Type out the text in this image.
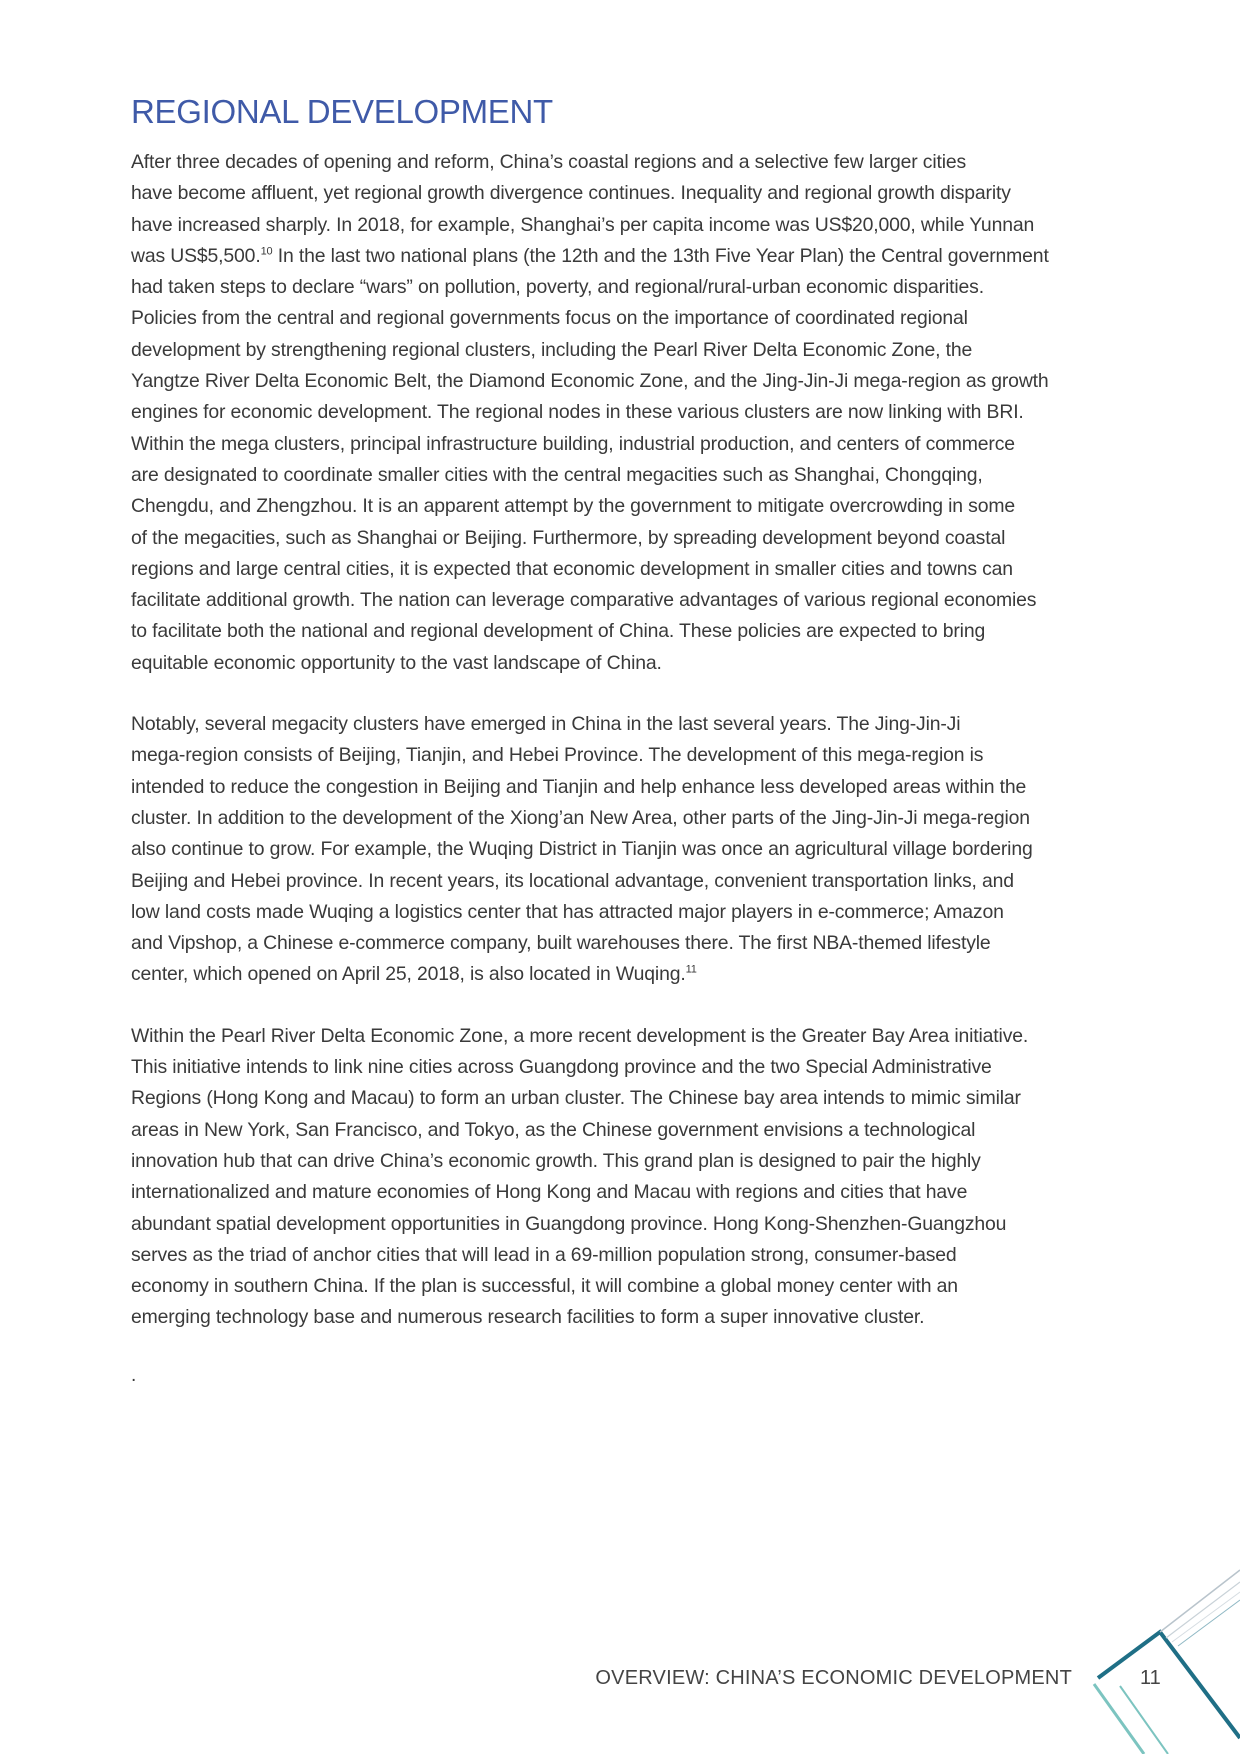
REGIONAL DEVELOPMENT

After three decades of opening and reform, China’s coastal regions and a selective few larger cities
have become affluent, yet regional growth divergence continues. Inequality and regional growth disparity
have increased sharply. In 2018, for example, Shanghai’s per capita income was US$20,000, while Yunnan
was US$5,500.10 In the last two national plans (the 12th and the 13th Five Year Plan) the Central government
had taken steps to declare “wars” on pollution, poverty, and regional/rural-urban economic disparities.
Policies from the central and regional governments focus on the importance of coordinated regional
development by strengthening regional clusters, including the Pearl River Delta Economic Zone, the
Yangtze River Delta Economic Belt, the Diamond Economic Zone, and the Jing-Jin-Ji mega-region as growth
engines for economic development. The regional nodes in these various clusters are now linking with BRI.
Within the mega clusters, principal infrastructure building, industrial production, and centers of commerce
are designated to coordinate smaller cities with the central megacities such as Shanghai, Chongqing,
Chengdu, and Zhengzhou. It is an apparent attempt by the government to mitigate overcrowding in some
of the megacities, such as Shanghai or Beijing. Furthermore, by spreading development beyond coastal
regions and large central cities, it is expected that economic development in smaller cities and towns can
facilitate additional growth. The nation can leverage comparative advantages of various regional economies
to facilitate both the national and regional development of China. These policies are expected to bring
equitable economic opportunity to the vast landscape of China.

Notably, several megacity clusters have emerged in China in the last several years. The Jing-Jin-Ji
mega-region consists of Beijing, Tianjin, and Hebei Province. The development of this mega-region is
intended to reduce the congestion in Beijing and Tianjin and help enhance less developed areas within the
cluster. In addition to the development of the Xiong’an New Area, other parts of the Jing-Jin-Ji mega-region
also continue to grow. For example, the Wuqing District in Tianjin was once an agricultural village bordering
Beijing and Hebei province. In recent years, its locational advantage, convenient transportation links, and
low land costs made Wuqing a logistics center that has attracted major players in e-commerce; Amazon
and Vipshop, a Chinese e-commerce company, built warehouses there. The first NBA-themed lifestyle
center, which opened on April 25, 2018, is also located in Wuqing.$^{11}$

Within the Pearl River Delta Economic Zone, a more recent development is the Greater Bay Area initiative.
This initiative intends to link nine cities across Guangdong province and the two Special Administrative
Regions (Hong Kong and Macau) to form an urban cluster. The Chinese bay area intends to mimic similar
areas in New York, San Francisco, and Tokyo, as the Chinese government envisions a technological
innovation hub that can drive China’s economic growth. This grand plan is designed to pair the highly
internationalized and mature economies of Hong Kong and Macau with regions and cities that have
abundant spatial development opportunities in Guangdong province. Hong Kong-Shenzhen-Guangzhou
serves as the triad of anchor cities that will lead in a 69-million population strong, consumer-based
economy in southern China. If the plan is successful, it will combine a global money center with an
emerging technology base and numerous research facilities to form a super innovative cluster.

.

OVERVIEW: CHINA’S ECONOMIC DEVELOPMENT	11
